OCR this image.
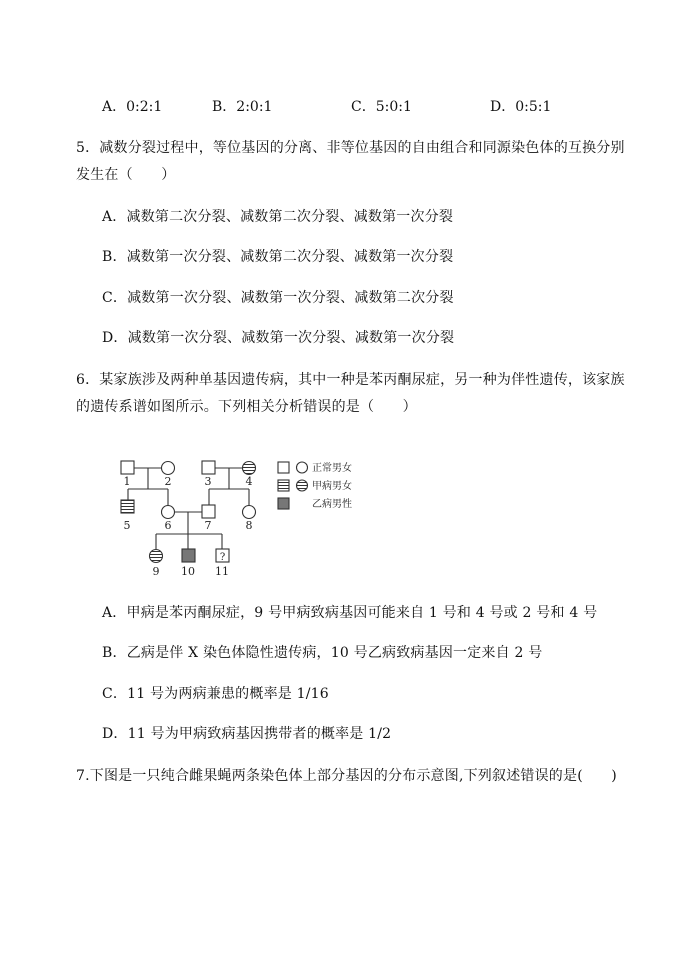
A．0:2:1	B．2:0:1	C．5:0:1	D．0:5:1
5．减数分裂过程中，等位基因的分离、非等位基因的自由组合和同源染色体的互换分别
发生在（　　）
A．减数第二次分裂、减数第二次分裂、减数第一次分裂
B．减数第一次分裂、减数第二次分裂、减数第一次分裂
C．减数第一次分裂、减数第一次分裂、减数第二次分裂
D．减数第一次分裂、减数第一次分裂、减数第一次分裂
6．某家族涉及两种单基因遗传病，其中一种是苯丙酮尿症，另一种为伴性遗传，该家族
的遗传系谱如图所示。下列相关分析错误的是（　　）
?
1	2	3	4
5	6	7	8
9 10 11
正常男女
甲病男女
乙病男性
A．甲病是苯丙酮尿症，9 号甲病致病基因可能来自 1 号和 4 号或 2 号和 4 号
B．乙病是伴 X 染色体隐性遗传病，10 号乙病致病基因一定来自 2 号
C．11 号为两病兼患的概率是 1/16
D．11 号为甲病致病基因携带者的概率是 1/2
7.下图是一只纯合雌果蝇两条染色体上部分基因的分布示意图,下列叙述错误的是(　　)
